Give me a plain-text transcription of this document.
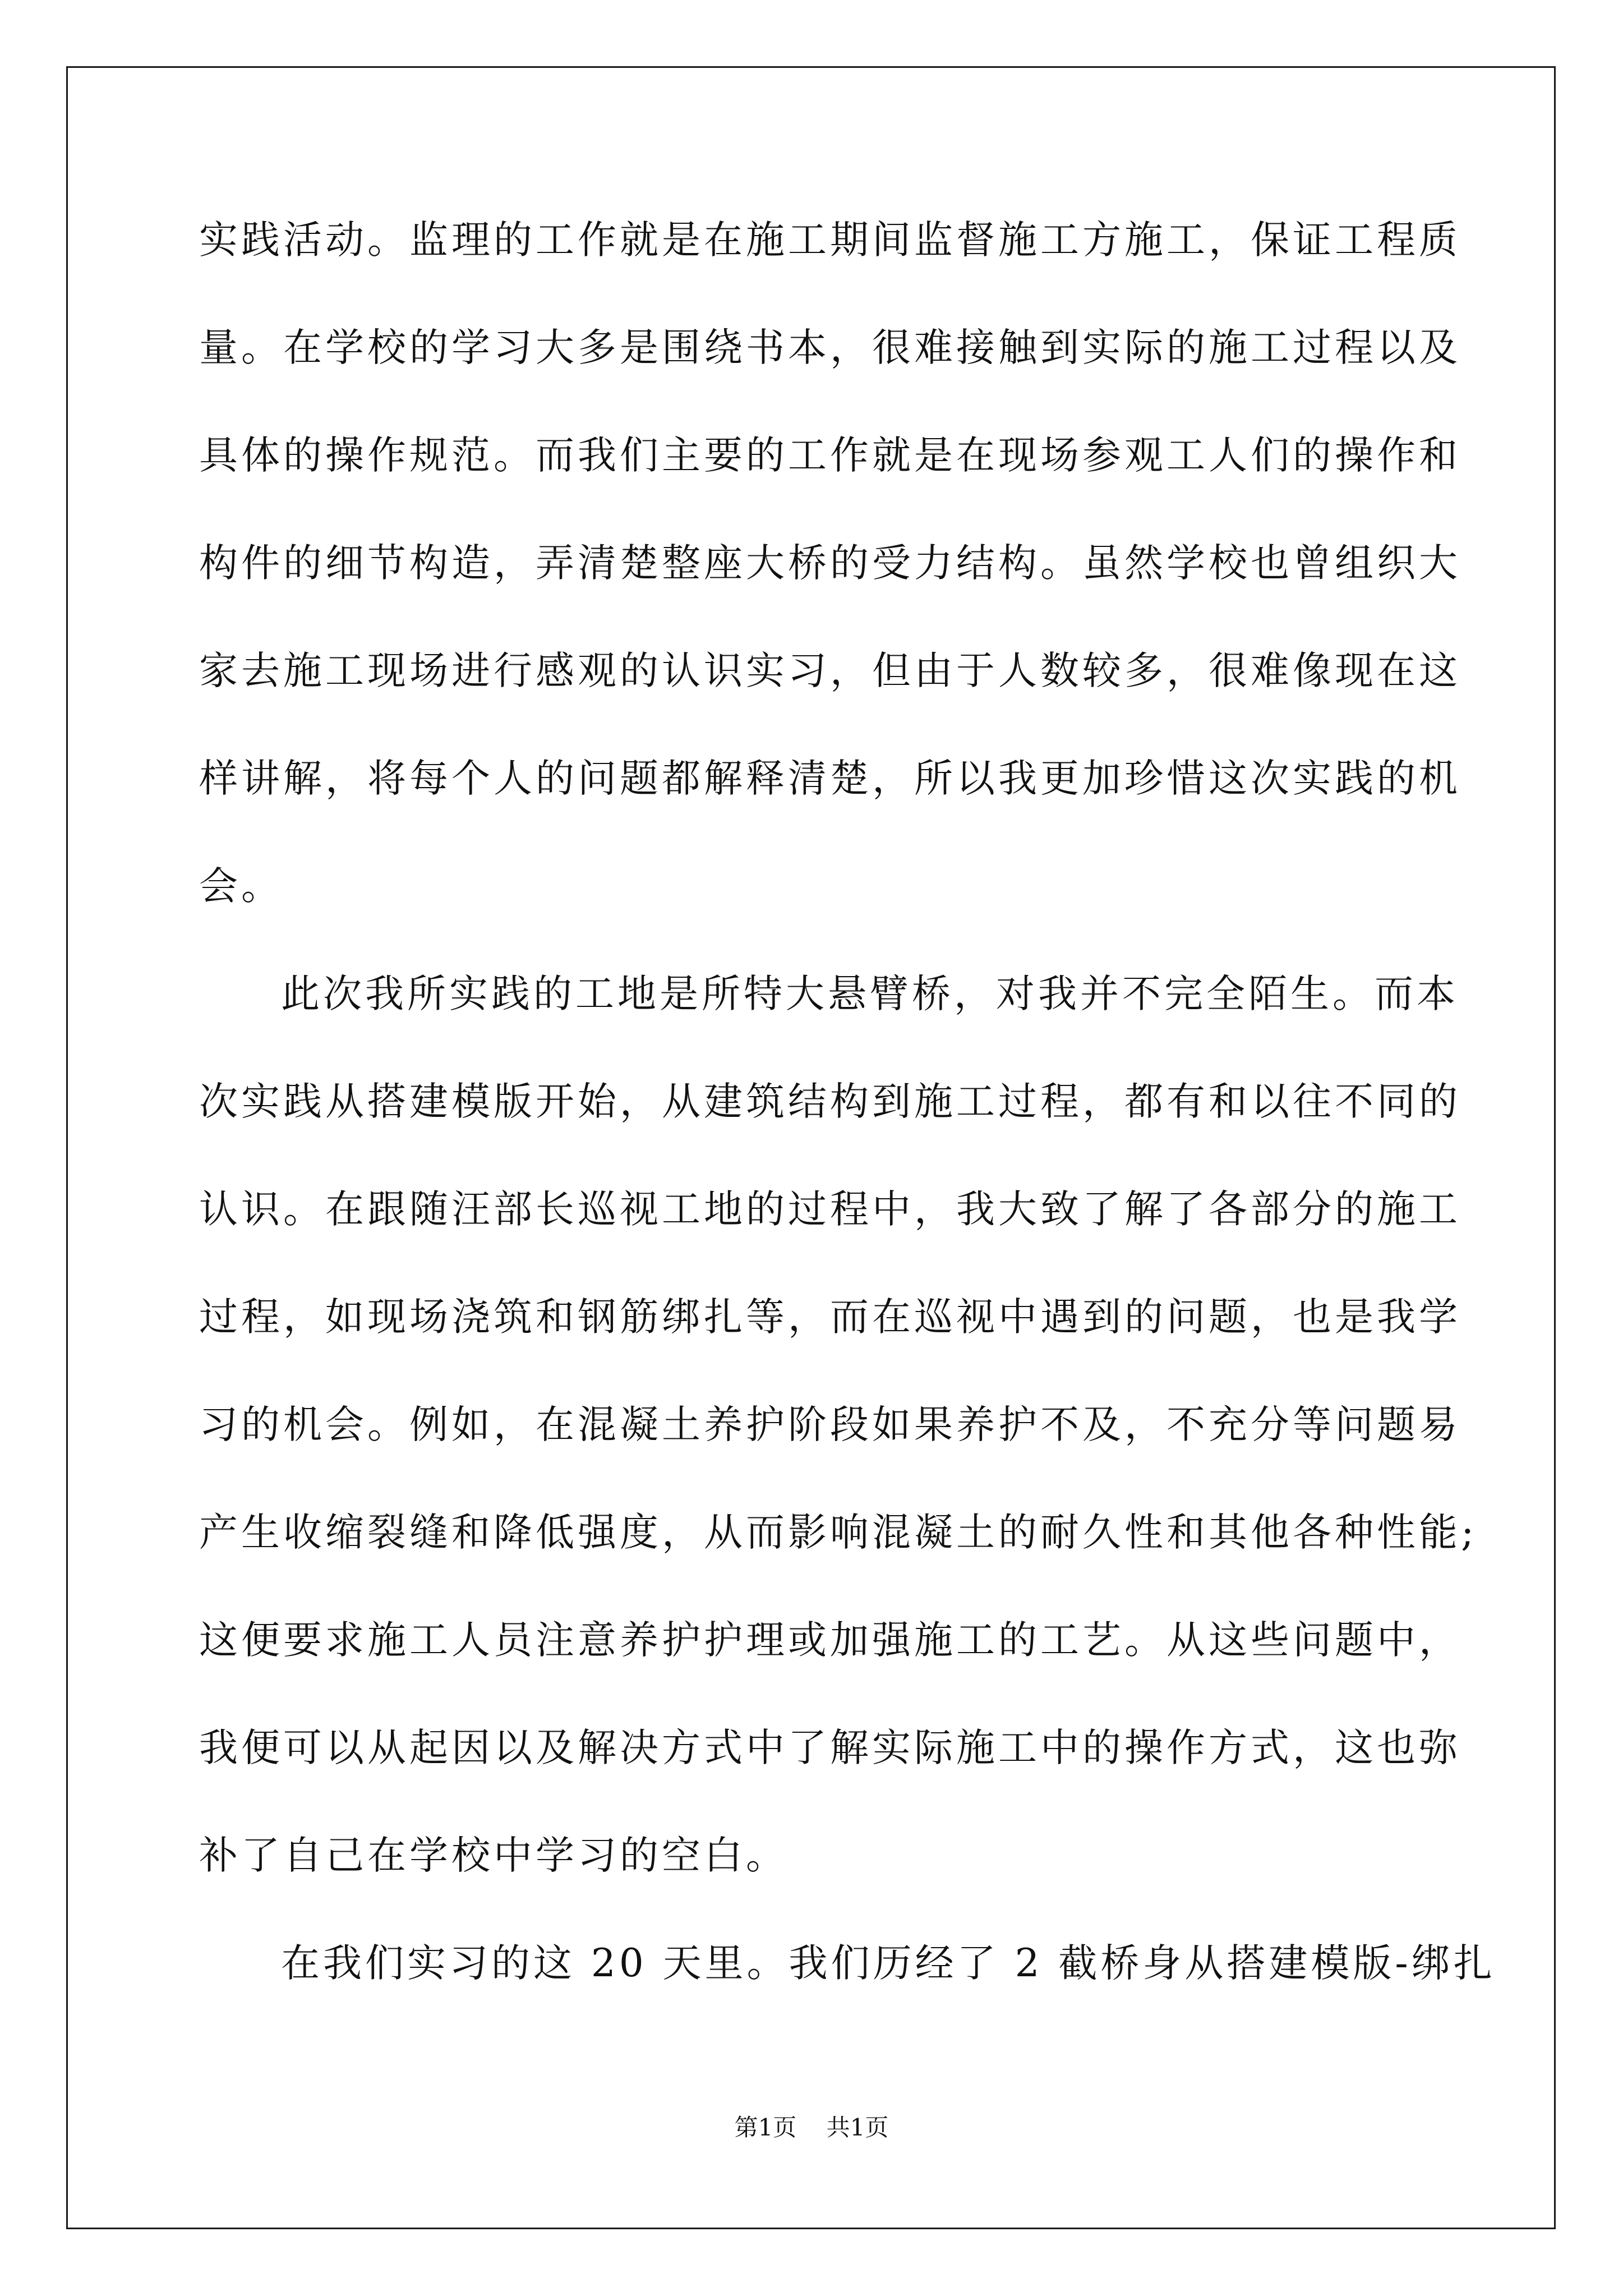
实践活动。监理的工作就是在施工期间监督施工方施工，保证工程质
量。在学校的学习大多是围绕书本，很难接触到实际的施工过程以及
具体的操作规范。而我们主要的工作就是在现场参观工人们的操作和
构件的细节构造，弄清楚整座大桥的受力结构。虽然学校也曾组织大
家去施工现场进行感观的认识实习，但由于人数较多，很难像现在这
样讲解，将每个人的问题都解释清楚，所以我更加珍惜这次实践的机
会。
此次我所实践的工地是所特大悬臂桥，对我并不完全陌生。而本
次实践从搭建模版开始，从建筑结构到施工过程，都有和以往不同的
认识。在跟随汪部长巡视工地的过程中，我大致了解了各部分的施工
过程，如现场浇筑和钢筋绑扎等，而在巡视中遇到的问题，也是我学
习的机会。例如，在混凝土养护阶段如果养护不及，不充分等问题易
产生收缩裂缝和降低强度，从而影响混凝土的耐久性和其他各种性能;
这便要求施工人员注意养护护理或加强施工的工艺。从这些问题中，
我便可以从起因以及解决方式中了解实际施工中的操作方式，这也弥
补了自己在学校中学习的空白。
在我们实习的这 20 天里。我们历经了 2 截桥身从搭建模版-绑扎
第1页 共1页
